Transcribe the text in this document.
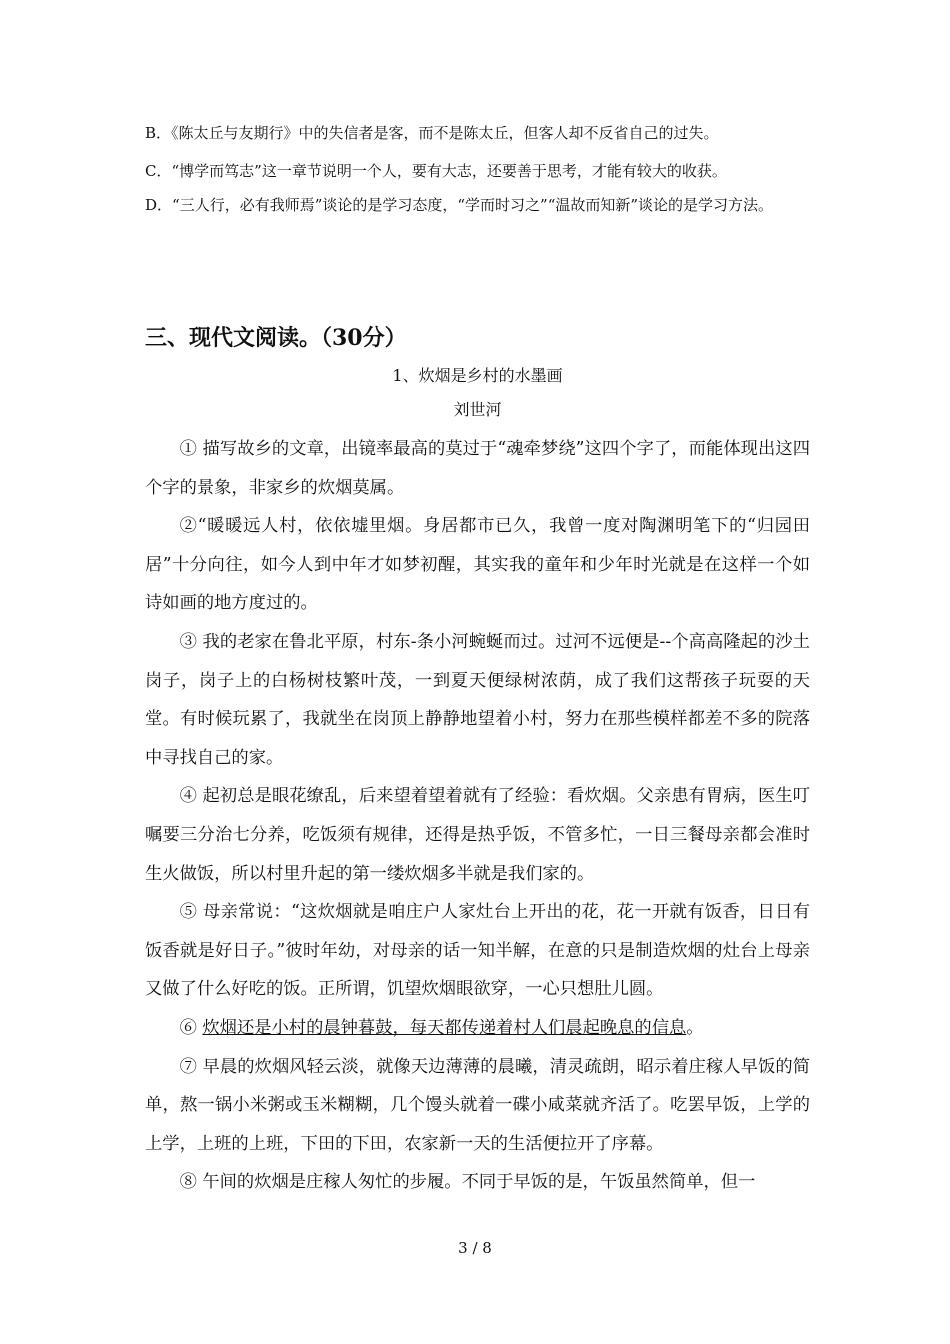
B．《陈太丘与友期行》中的失信者是客，而不是陈太丘，但客人却不反省自己的过失。

C．“博学而笃志”这一章节说明一个人，要有大志，还要善于思考，才能有较大的收获。

D．“三人行，必有我师焉”谈论的是学习态度，“学而时习之”“温故而知新”谈论的是学习方法。

三、现代文阅读。（30分）

1、炊烟是乡村的水墨画

刘世河

① 描写故乡的文章，出镜率最高的莫过于“魂牵梦绕”这四个字了，而能体现出这四个字的景象，非家乡的炊烟莫属。

②“暖暖远人村，依依墟里烟。身居都市已久，我曾一度对陶渊明笔下的“归园田居”十分向往，如今人到中年才如梦初醒，其实我的童年和少年时光就是在这样一个如诗如画的地方度过的。

③ 我的老家在鲁北平原，村东-条小河蜿蜒而过。过河不远便是--个高高隆起的沙土岗子，岗子上的白杨树枝繁叶茂，一到夏天便绿树浓荫，成了我们这帮孩子玩耍的天堂。有时候玩累了，我就坐在岗顶上静静地望着小村，努力在那些模样都差不多的院落中寻找自己的家。

④ 起初总是眼花缭乱，后来望着望着就有了经验：看炊烟。父亲患有胃病，医生叮嘱要三分治七分养，吃饭须有规律，还得是热乎饭，不管多忙，一日三餐母亲都会准时生火做饭，所以村里升起的第一缕炊烟多半就是我们家的。

⑤ 母亲常说：“这炊烟就是咱庄户人家灶台上开出的花，花一开就有饭香，日日有饭香就是好日子。”彼时年幼，对母亲的话一知半解，在意的只是制造炊烟的灶台上母亲又做了什么好吃的饭。正所谓，饥望炊烟眼欲穿，一心只想肚儿圆。

⑥ 炊烟还是小村的晨钟暮鼓，每天都传递着村人们晨起晚息的信息。

⑦ 早晨的炊烟风轻云淡，就像天边薄薄的晨曦，清灵疏朗，昭示着庄稼人早饭的简单，熬一锅小米粥或玉米糊糊，几个馒头就着一碟小咸菜就齐活了。吃罢早饭，上学的上学，上班的上班，下田的下田，农家新一天的生活便拉开了序幕。

⑧ 午间的炊烟是庄稼人匆忙的步履。不同于早饭的是，午饭虽然简单，但一

3 / 8
